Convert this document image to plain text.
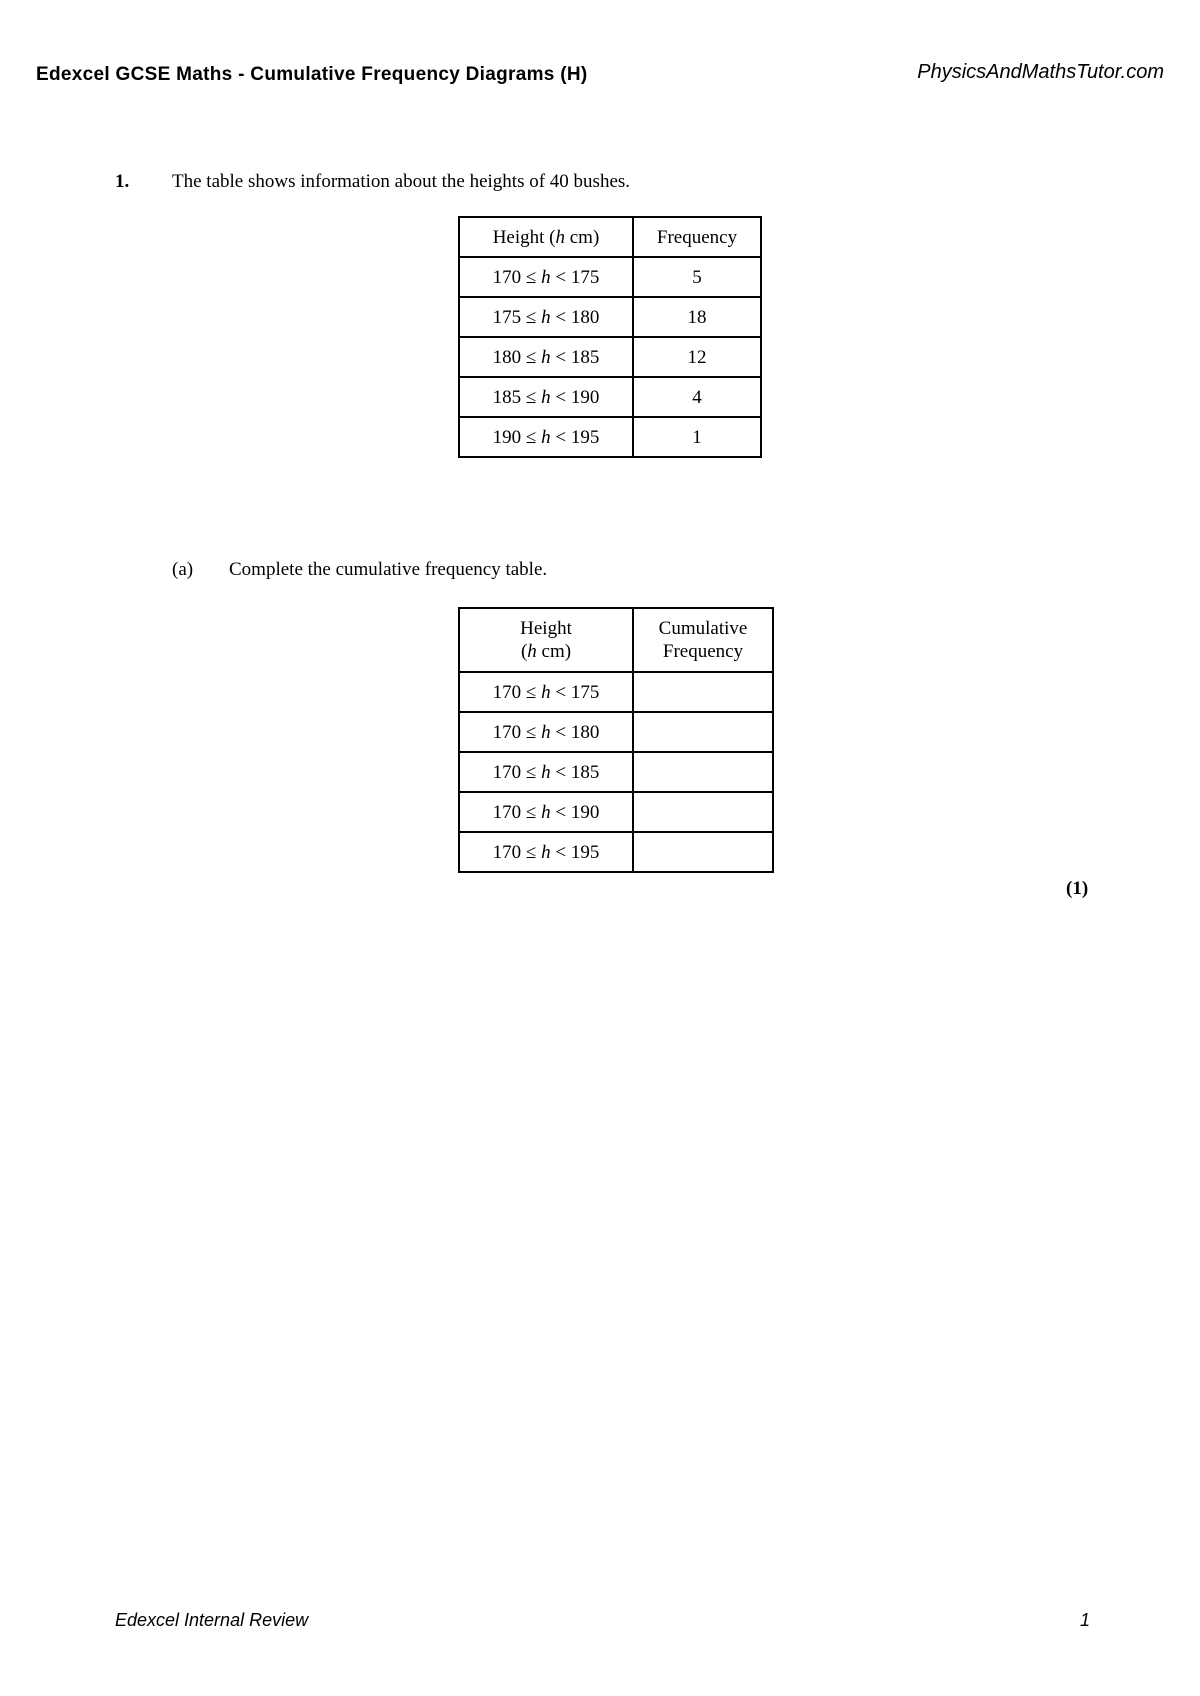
Edexcel GCSE Maths - Cumulative Frequency Diagrams (H)	PhysicsAndMathsTutor.com
1. The table shows information about the heights of 40 bushes.
Height (h cm)	Frequency
170 ≤ h < 175	5
175 ≤ h < 180	18
180 ≤ h < 185	12
185 ≤ h < 190	4
190 ≤ h < 195	1
(a) Complete the cumulative frequency table.
Height
(h cm)	Cumulative
Frequency
170 ≤ h < 175	
170 ≤ h < 180	
170 ≤ h < 185	
170 ≤ h < 190	
170 ≤ h < 195	
(1)
Edexcel Internal Review	1
